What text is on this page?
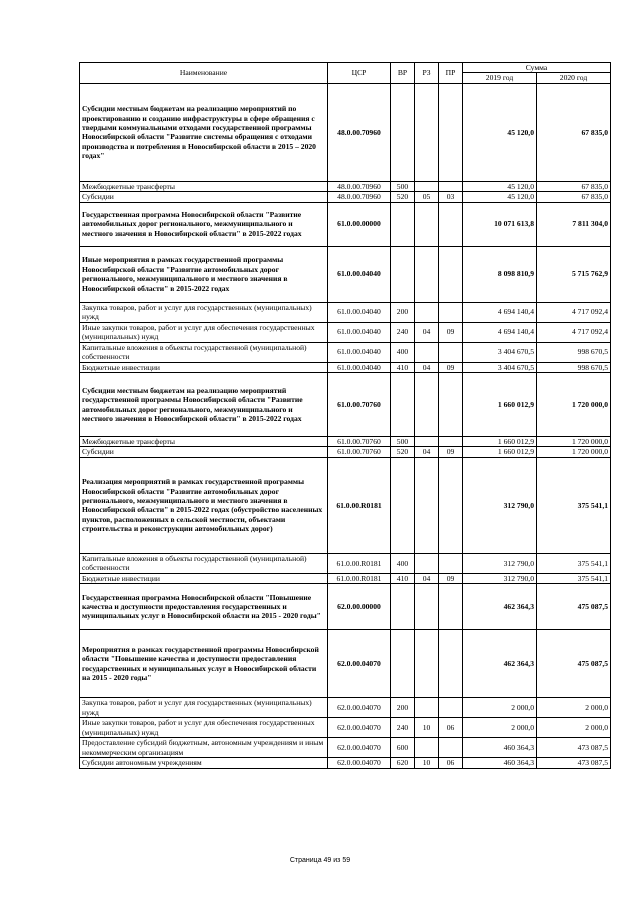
Наименование	ЦСР	ВР	РЗ	ПР	Сумма	
					2019 год	2020 год
Субсидии местным бюджетам на реализацию мероприятий по проектированию и созданию инфраструктуры в сфере обращения с твердыми коммунальными отходами государственной программы Новосибирской области "Развитие системы обращения с отходами производства и потребления в Новосибирской области в 2015 – 2020 годах"	48.0.00.70960				45 120,0	67 835,0
Межбюджетные трансферты	48.0.00.70960	500			45 120,0	67 835,0
Субсидии	48.0.00.70960	520	05	03	45 120,0	67 835,0
Государственная программа Новосибирской области "Развитие автомобильных дорог регионального, межмуниципального и местного значения в Новосибирской области" в 2015-2022 годах	61.0.00.00000				10 071 613,8	7 811 304,0
Иные мероприятия в рамках государственной программы Новосибирской области "Развитие автомобильных дорог регионального, межмуниципального и местного значения в Новосибирской области" в 2015-2022 годах	61.0.00.04040				8 098 810,9	5 715 762,9
Закупка товаров, работ и услуг для государственных (муниципальных) нужд	61.0.00.04040	200			4 694 140,4	4 717 092,4
Иные закупки товаров, работ и услуг для обеспечения государственных (муниципальных) нужд	61.0.00.04040	240	04	09	4 694 140,4	4 717 092,4
Капитальные вложения в объекты государственной (муниципальной) собственности	61.0.00.04040	400			3 404 670,5	998 670,5
Бюджетные инвестиции	61.0.00.04040	410	04	09	3 404 670,5	998 670,5
Субсидии местным бюджетам на реализацию мероприятий государственной программы Новосибирской области "Развитие автомобильных дорог регионального, межмуниципального и местного значения в Новосибирской области" в 2015-2022 годах	61.0.00.70760				1 660 012,9	1 720 000,0
Межбюджетные трансферты	61.0.00.70760	500			1 660 012,9	1 720 000,0
Субсидии	61.0.00.70760	520	04	09	1 660 012,9	1 720 000,0
Реализация мероприятий в рамках государственной программы Новосибирской области "Развитие автомобильных дорог регионального, межмуниципального и местного значения в Новосибирской области" в 2015-2022 годах (обустройство населенных пунктов, расположенных в сельской местности, объектами строительства и реконструкции автомобильных дорог)	61.0.00.R0181				312 790,0	375 541,1
Капитальные вложения в объекты государственной (муниципальной) собственности	61.0.00.R0181	400			312 790,0	375 541,1
Бюджетные инвестиции	61.0.00.R0181	410	04	09	312 790,0	375 541,1
Государственная программа Новосибирской области "Повышение качества и доступности предоставления государственных и муниципальных услуг в Новосибирской области на 2015 - 2020 годы"	62.0.00.00000				462 364,3	475 087,5
Мероприятия в рамках государственной программы Новосибирской области "Повышение качества и доступности предоставления государственных и муниципальных услуг в Новосибирской области на 2015 - 2020 годы"	62.0.00.04070				462 364,3	475 087,5
Закупка товаров, работ и услуг для государственных (муниципальных) нужд	62.0.00.04070	200			2 000,0	2 000,0
Иные закупки товаров, работ и услуг для обеспечения государственных (муниципальных) нужд	62.0.00.04070	240	10	06	2 000,0	2 000,0
Предоставление субсидий бюджетным, автономным учреждениям и иным некоммерческим организациям	62.0.00.04070	600			460 364,3	473 087,5
Субсидии автономным учреждениям	62.0.00.04070	620	10	06	460 364,3	473 087,5
Страница 49 из 59
